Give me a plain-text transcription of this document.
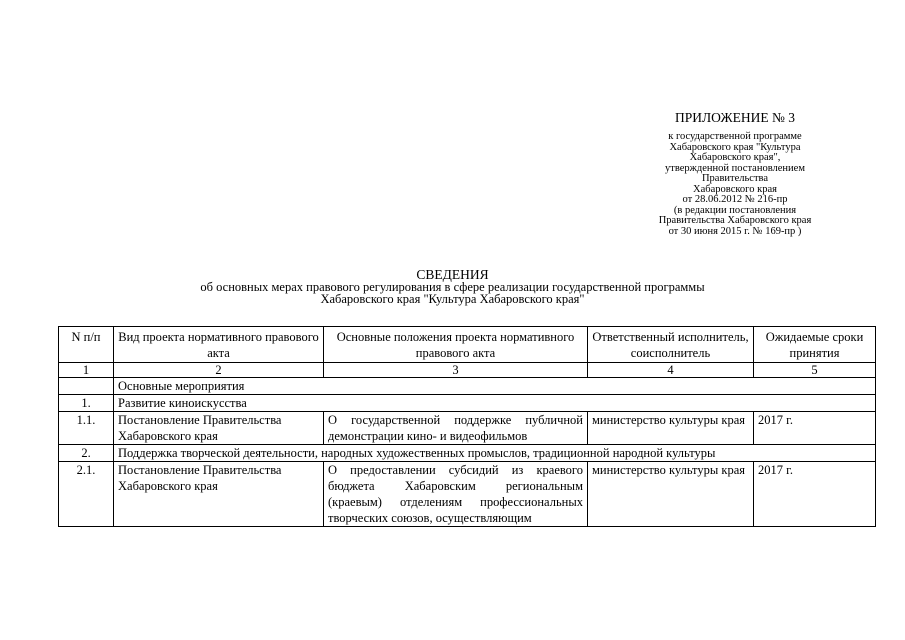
ПРИЛОЖЕНИЕ № 3
к государственной программе
Хабаровского края "Культура
Хабаровского края",
утвержденной постановлением
Правительства
Хабаровского края
от 28.06.2012 № 216-пр
(в редакции постановления
Правительства Хабаровского края
от 30 июня 2015 г. № 169-пр )
СВЕДЕНИЯ
об основных мерах правового регулирования в сфере реализации государственной программы
Хабаровского края "Культура Хабаровского края"
N п/п	Вид проекта нормативного правового акта	Основные положения проекта нормативного правового акта	Ответственный исполнитель, соисполнитель	Ожидаемые сроки принятия
1	2	3	4	5
	Основные мероприятия			
1.	Развитие киноискусства			
1.1.	Постановление Правительства Хабаровского края	О государственной поддержке публичной демонстрации кино- и видеофильмов	министерство культуры края	2017 г.
2.	Поддержка творческой деятельности, народных художественных промыслов, традиционной народной культуры			
2.1.	Постановление Правительства Хабаровского края	О предоставлении субсидий из краевого бюджета Хабаровским региональным (краевым) отделениям профессиональных творческих союзов, осуществляющим	министерство культуры края	2017 г.
